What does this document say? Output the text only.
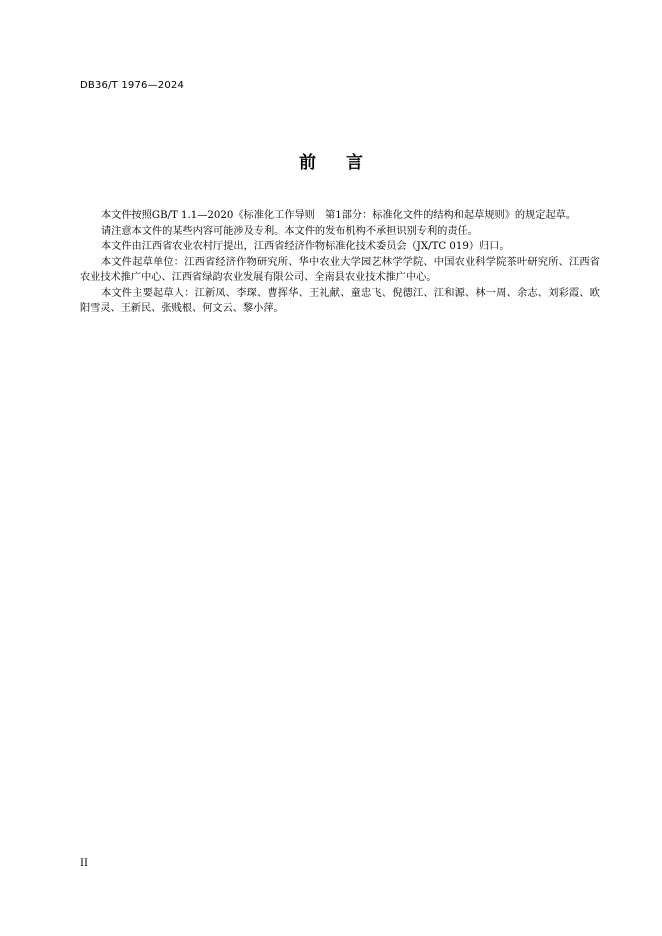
DB36/T 1976—2024
前言

本文件按照GB/T 1.1—2020《标准化工作导则　第1部分：标准化文件的结构和起草规则》的规定起草。

请注意本文件的某些内容可能涉及专利。本文件的发布机构不承担识别专利的责任。

本文件由江西省农业农村厅提出，江西省经济作物标准化技术委员会（JX/TC 019）归口。

本文件起草单位：江西省经济作物研究所、华中农业大学园艺林学学院、中国农业科学院茶叶研究所、江西省农业技术推广中心、江西省绿韵农业发展有限公司、全南县农业技术推广中心。

本文件主要起草人：江新凤、李琛、曹挥华、王礼献、童忠飞、倪德江、江和源、林一周、余志、刘彩霞、欧阳雪灵、王新民、张贱根、何文云、黎小萍。

II
